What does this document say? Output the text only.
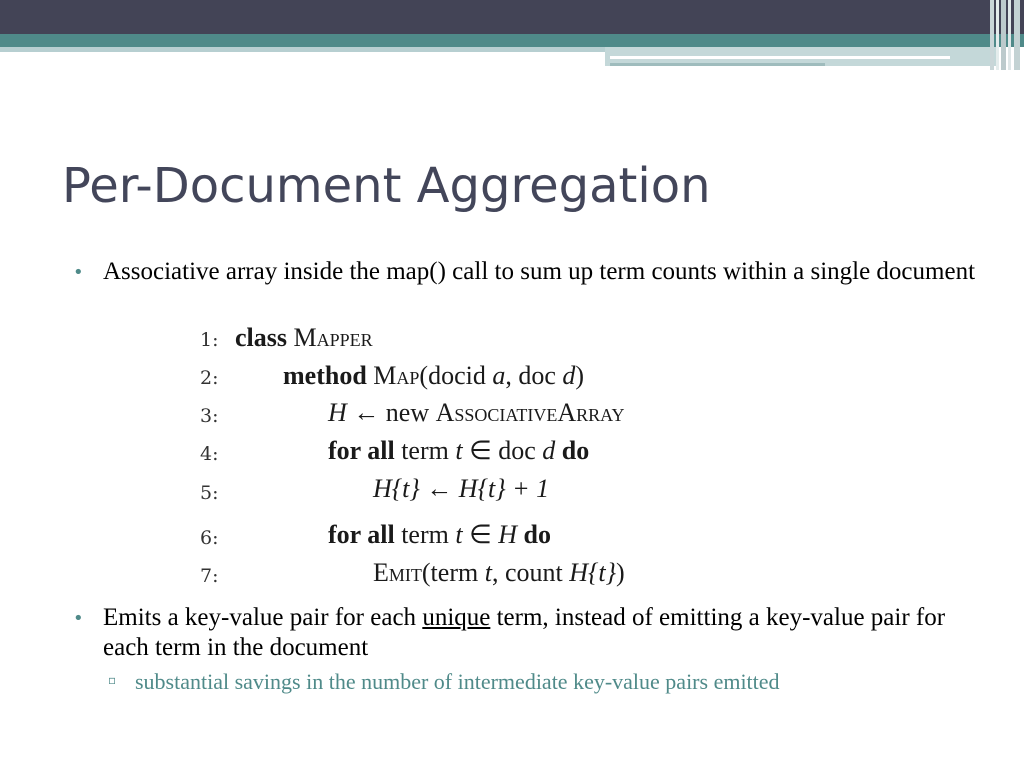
Per-Document Aggregation
• Associative array inside the map() call to sum up term counts within a single document
1: class Mapper
2: method Map(docid a, doc d)
3:	H ← new AssociativeArray
4:	for all term t ∈ doc d do
5:	H{t} ← H{t} + 1
6:	for all term t ∈ H do
7:	Emit(term t, count H{t})
• Emits a key-value pair for each unique term, instead of emitting a key-value pair for each term in the document
▫ substantial savings in the number of intermediate key-value pairs emitted
